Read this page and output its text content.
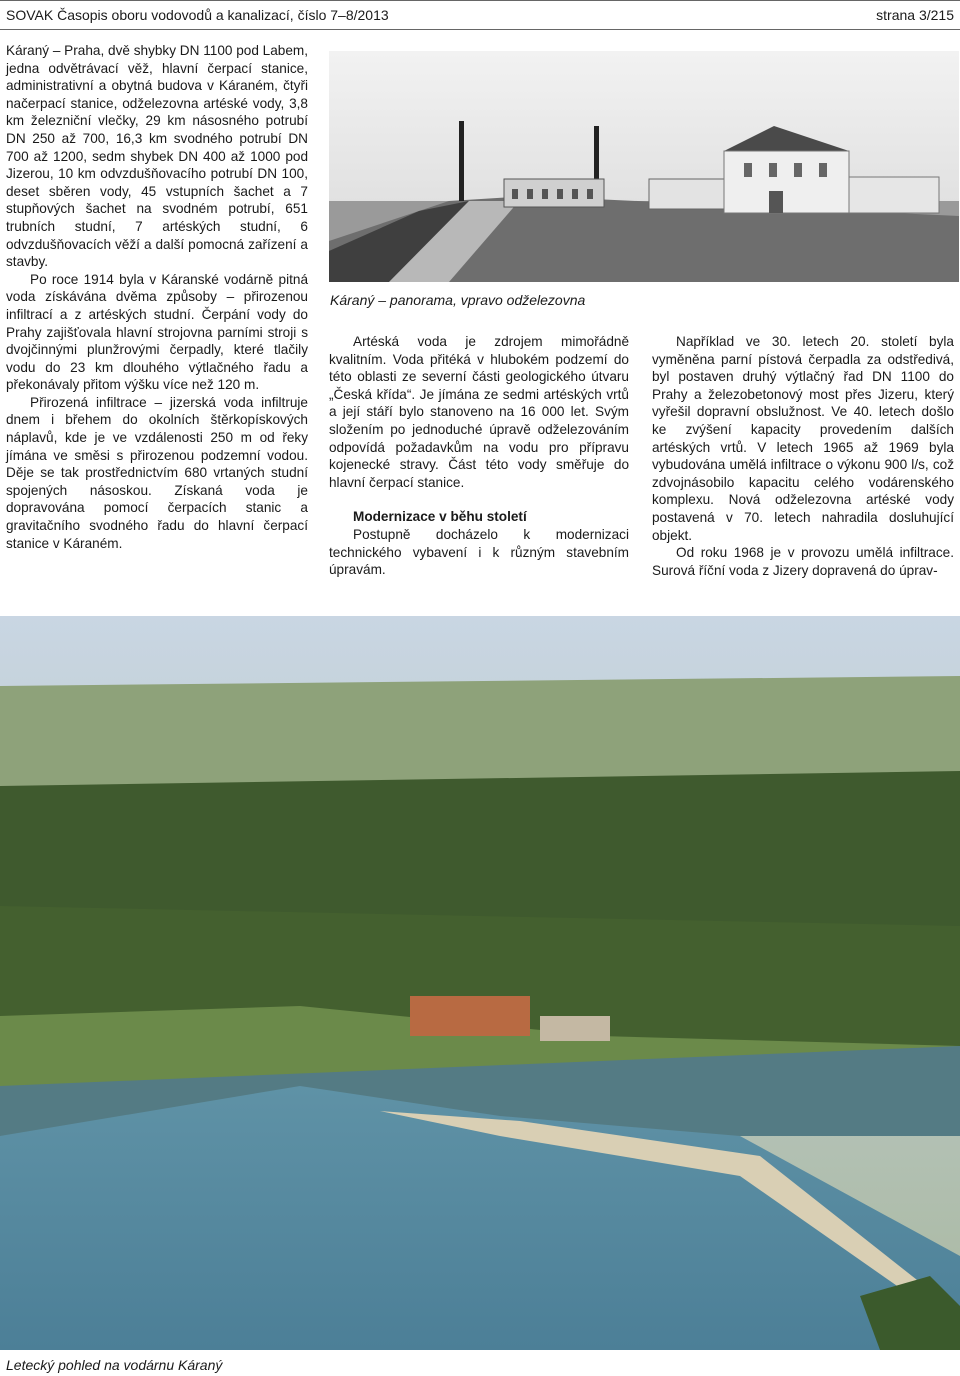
SOVAK Časopis oboru vodovodů a kanalizací, číslo 7–8/2013	strana 3/215

Káraný – Praha, dvě shybky DN 1100 pod Labem, jedna odvětrávací věž, hlavní čerpací stanice, administrativní a obytná budova v Káraném, čtyři načerpací stanice, odželezovna artéské vody, 3,8 km železniční vlečky, 29 km násosného potrubí DN 250 až 700, 16,3 km svodného potrubí DN 700 až 1200, sedm shybek DN 400 až 1000 pod Jizerou, 10 km odvzdušňovacího potrubí DN 100, deset sběren vody, 45 vstupních šachet a 7 stupňových šachet na svodném potrubí, 651 trubních studní, 7 artéských studní, 6 odvzdušňovacích věží a další pomocná zařízení a stavby.

Po roce 1914 byla v Káranské vodárně pitná voda získávána dvěma způsoby – přirozenou infiltrací a z artéských studní. Čerpání vody do Prahy zajišťovala hlavní strojovna parními stroji s dvojčinnými plunžrovými čerpadly, které tlačily vodu do 23 km dlouhého výtlačného řadu a překonávaly přitom výšku více než 120 m.

Přirozená infiltrace – jizerská voda infiltruje dnem i břehem do okolních štěrkopískových náplavů, kde je ve vzdálenosti 250 m od řeky jímána ve směsi s přirozenou podzemní vodou. Děje se tak prostřednictvím 680 vrtaných studní spojených násoskou. Získaná voda je dopravována pomocí čerpacích stanic a gravitačního svodného řadu do hlavní čerpací stanice v Káraném.

Káraný – panorama, vpravo odželezovna

Artéská voda je zdrojem mimořádně kvalitním. Voda přitéká v hlubokém podzemí do této oblasti ze severní části geologického útvaru „Česká křída“. Je jímána ze sedmi artéských vrtů a její stáří bylo stanoveno na 16 000 let. Svým složením po jednoduché úpravě odželezováním odpovídá požadavkům na vodu pro přípravu kojenecké stravy. Část této vody směřuje do hlavní čerpací stanice.

Modernizace v běhu století

Postupně docházelo k modernizaci technického vybavení i k různým stavebním úpravám.

Například ve 30. letech 20. století byla vyměněna parní pístová čerpadla za odstředivá, byl postaven druhý výtlačný řad DN 1100 do Prahy a železobetonový most přes Jizeru, který vyřešil dopravní obslužnost. Ve 40. letech došlo ke zvýšení kapacity provedením dalších artéských vrtů. V letech 1965 až 1969 byla vybudována umělá infiltrace o výkonu 900 l/s, což zdvojnásobilo kapacitu celého vodárenského komplexu. Nová odželezovna artéské vody postavená v 70. letech nahradila dosluhující objekt.

Od roku 1968 je v provozu umělá infiltrace. Surová říční voda z Jizery dopravená do úprav-

Letecký pohled na vodárnu Káraný
